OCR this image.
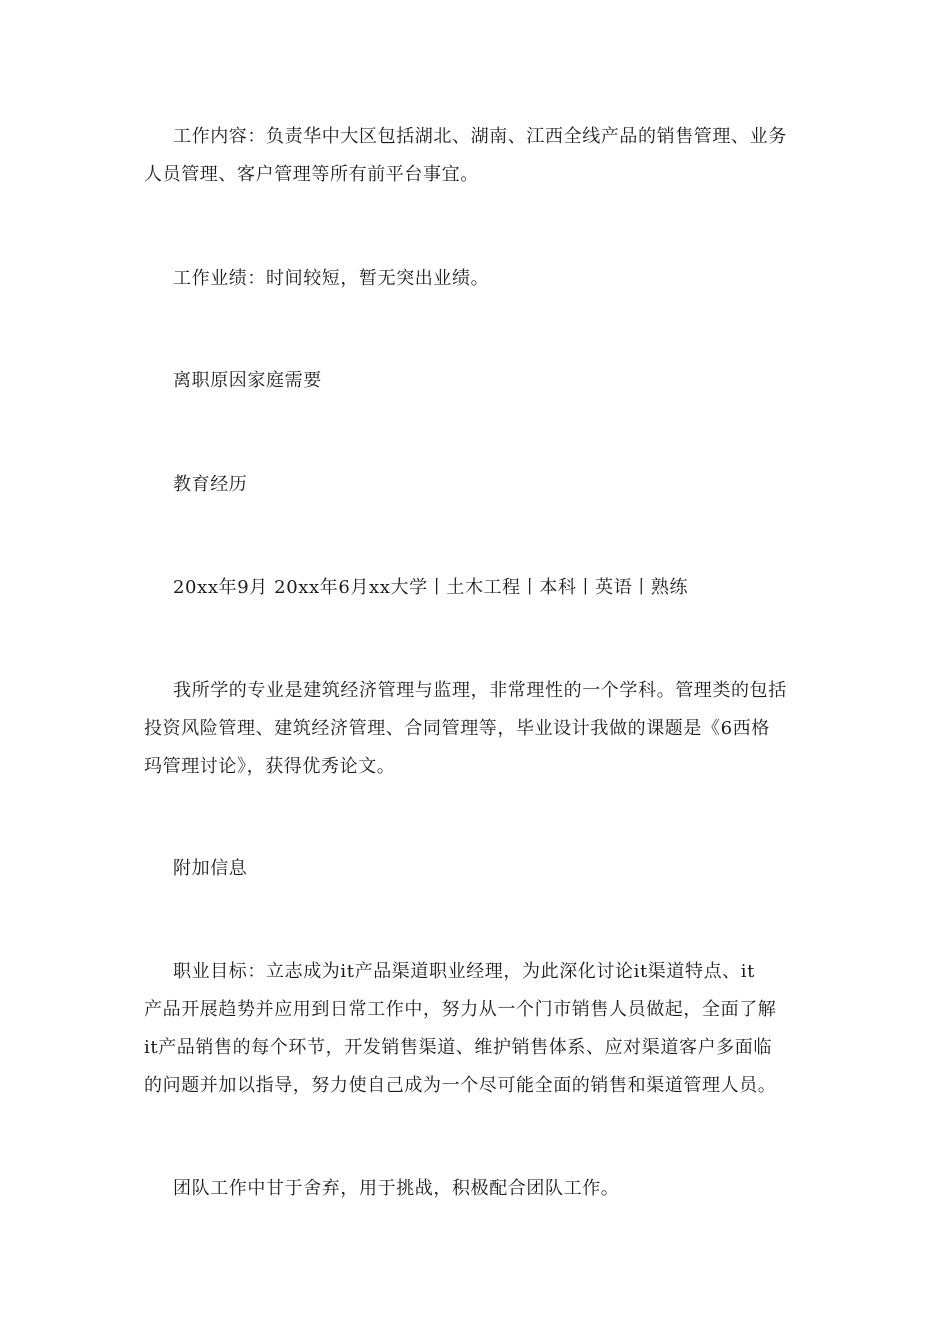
工作内容：负责华中大区包括湖北、湖南、江西全线产品的销售管理、业务
人员管理、客户管理等所有前平台事宜。

工作业绩：时间较短，暂无突出业绩。

离职原因家庭需要

教育经历

20xx年9月 20xx年6月xx大学丨土木工程丨本科丨英语丨熟练

我所学的专业是建筑经济管理与监理，非常理性的一个学科。管理类的包括
投资风险管理、建筑经济管理、合同管理等，毕业设计我做的课题是《6西格
玛管理讨论》，获得优秀论文。

附加信息

职业目标：立志成为it产品渠道职业经理，为此深化讨论it渠道特点、it
产品开展趋势并应用到日常工作中，努力从一个门市销售人员做起，全面了解
it产品销售的每个环节，开发销售渠道、维护销售体系、应对渠道客户多面临
的问题并加以指导，努力使自己成为一个尽可能全面的销售和渠道管理人员。

团队工作中甘于舍弃，用于挑战，积极配合团队工作。
